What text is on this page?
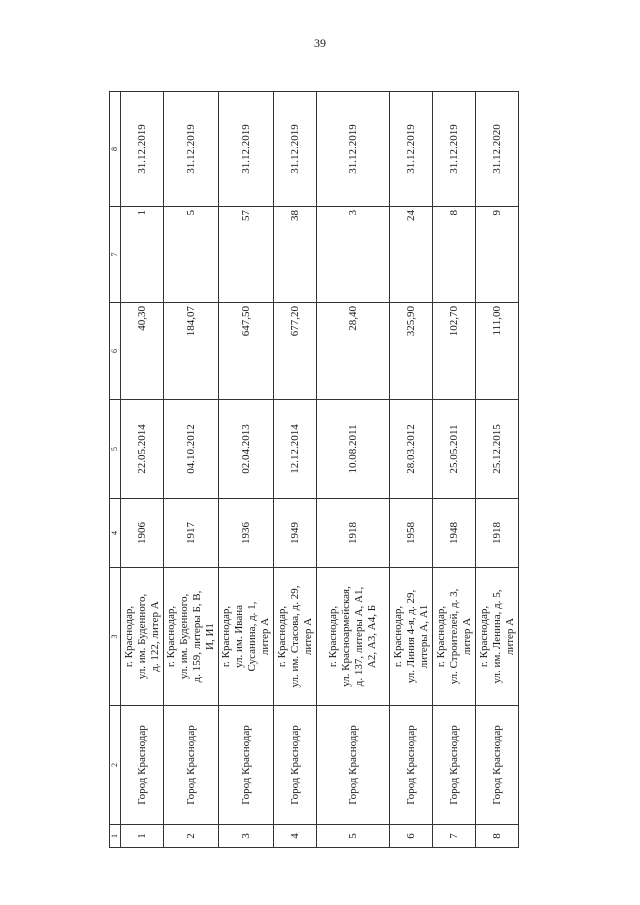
39
1	2	3	4	5	6	7	8
1	Город Краснодар	г. Краснодар,
ул. им. Буденного,
д. 122, литер А	1906	22.05.2014	40,30	1	31.12.2019
2	Город Краснодар	г. Краснодар,
ул. им. Буденного,
д. 159, литеры Б, В,
И, И1	1917	04.10.2012	184,07	5	31.12.2019
3	Город Краснодар	г. Краснодар,
ул. им. Ивана
Сусанина, д. 1,
литер А	1936	02.04.2013	647,50	57	31.12.2019
4	Город Краснодар	г. Краснодар,
ул. им. Стасова, д. 29,
литер А	1949	12.12.2014	677,20	38	31.12.2019
5	Город Краснодар	г. Краснодар,
ул. Красноармейская,
д. 137, литеры А, А1,
А2, А3, А4, Б	1918	10.08.2011	28,40	3	31.12.2019
6	Город Краснодар	г. Краснодар,
ул. Линия 4-я, д. 29,
литеры А, А1	1958	28.03.2012	325,90	24	31.12.2019
7	Город Краснодар	г. Краснодар,
ул. Строителей, д. 3,
литер А	1948	25.05.2011	102,70	8	31.12.2019
8	Город Краснодар	г. Краснодар,
ул. им. Ленина, д. 5,
литер А	1918	25.12.2015	111,00	9	31.12.2020
